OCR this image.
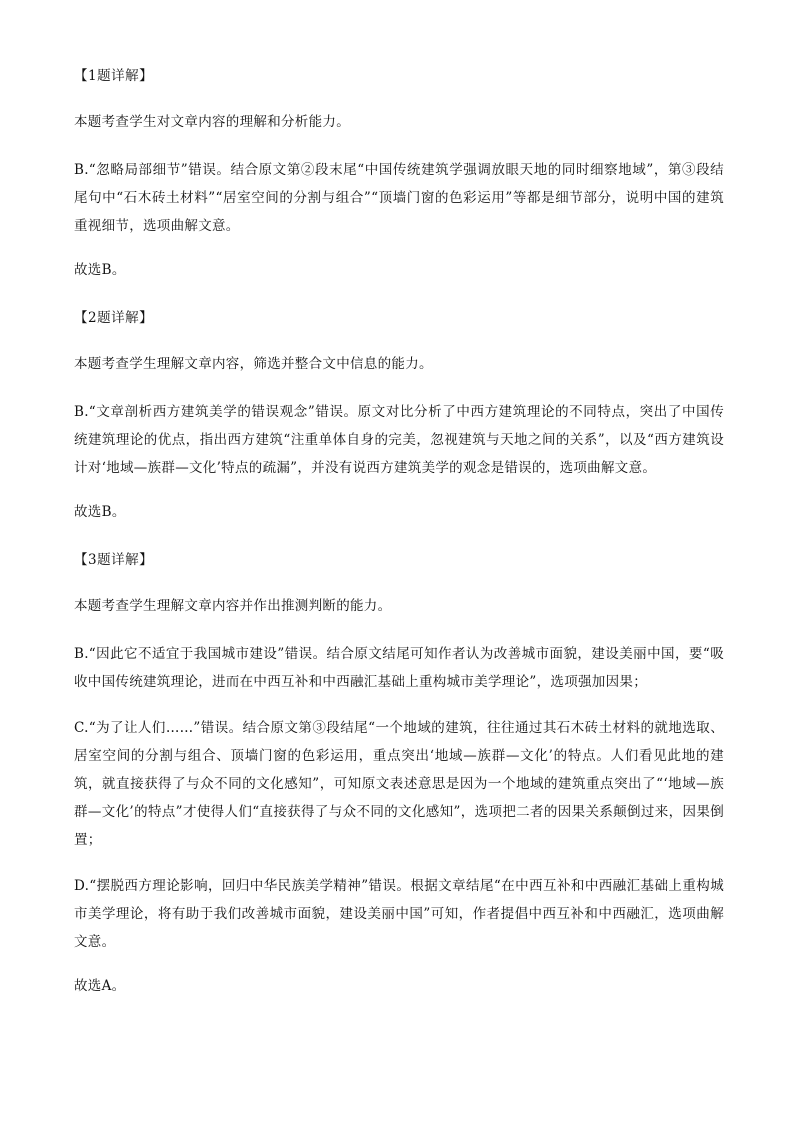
【1题详解】

本题考查学生对文章内容的理解和分析能力。

B.“忽略局部细节”错误。结合原文第②段末尾“中国传统建筑学强调放眼天地的同时细察地域”，第③段结尾句中“石木砖土材料”“居室空间的分割与组合”“顶墙门窗的色彩运用”等都是细节部分，说明中国的建筑重视细节，选项曲解文意。

故选B。

【2题详解】

本题考查学生理解文章内容，筛选并整合文中信息的能力。

B.“文章剖析西方建筑美学的错误观念”错误。原文对比分析了中西方建筑理论的不同特点，突出了中国传统建筑理论的优点，指出西方建筑“注重单体自身的完美，忽视建筑与天地之间的关系”，以及“西方建筑设计对‘地域—族群—文化’特点的疏漏”，并没有说西方建筑美学的观念是错误的，选项曲解文意。

故选B。

【3题详解】

本题考查学生理解文章内容并作出推测判断的能力。

B.“因此它不适宜于我国城市建设”错误。结合原文结尾可知作者认为改善城市面貌，建设美丽中国，要“吸收中国传统建筑理论，进而在中西互补和中西融汇基础上重构城市美学理论”，选项强加因果；

C.“为了让人们……”错误。结合原文第③段结尾“一个地域的建筑，往往通过其石木砖土材料的就地选取、居室空间的分割与组合、顶墙门窗的色彩运用，重点突出‘地域—族群—文化’的特点。人们看见此地的建筑，就直接获得了与众不同的文化感知”，可知原文表述意思是因为一个地域的建筑重点突出了“‘地域—族群—文化’的特点”才使得人们“直接获得了与众不同的文化感知”，选项把二者的因果关系颠倒过来，因果倒置；

D.“摆脱西方理论影响，回归中华民族美学精神”错误。根据文章结尾“在中西互补和中西融汇基础上重构城市美学理论，将有助于我们改善城市面貌，建设美丽中国”可知，作者提倡中西互补和中西融汇，选项曲解文意。

故选A。
